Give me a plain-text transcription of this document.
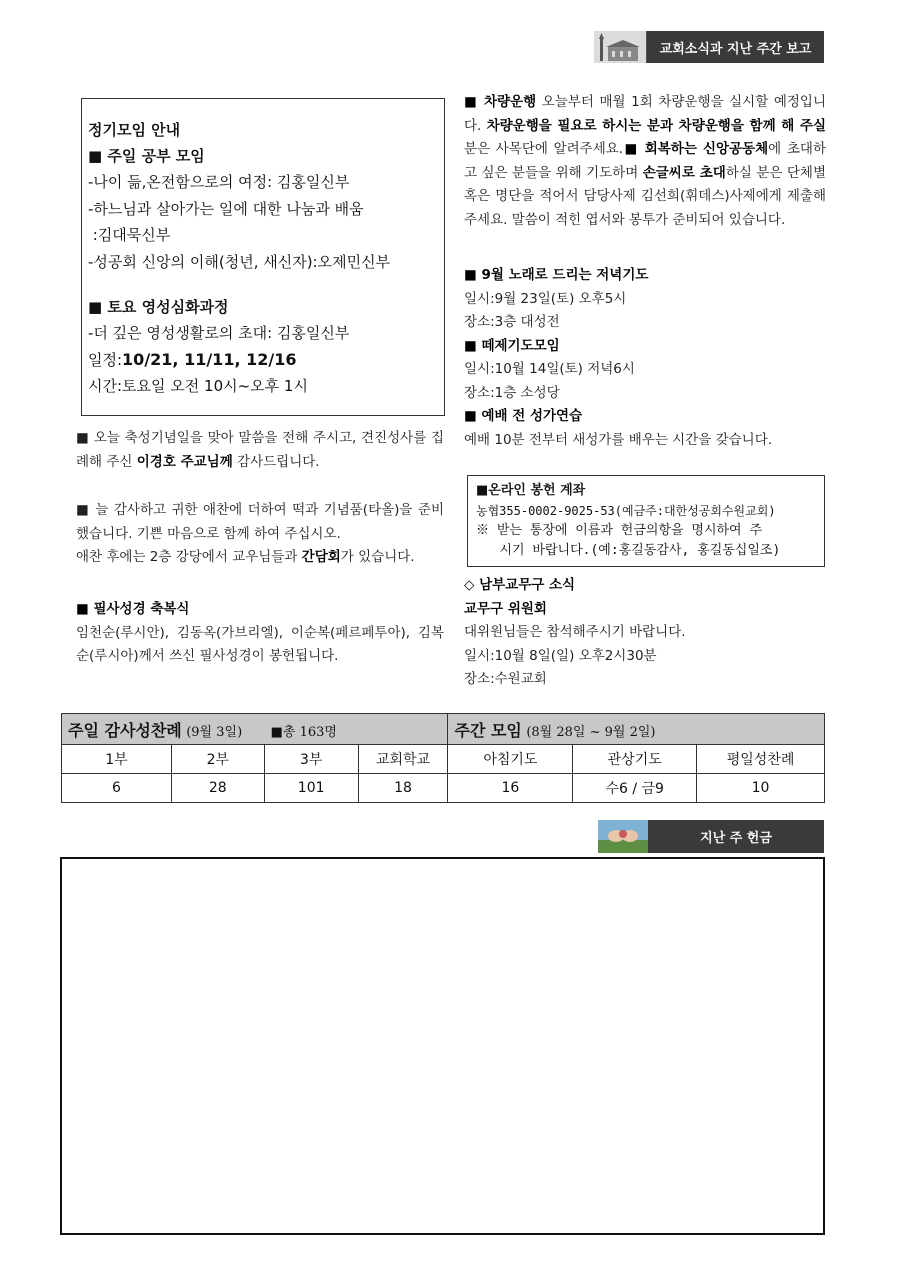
교회소식과 지난 주간 보고
정기모임 안내
■ 주일 공부 모임
-나이 듦,온전함으로의 여정: 김홍일신부
-하느님과 살아가는 일에 대한 나눔과 배움
:김대묵신부
-성공회 신앙의 이해(청년, 새신자):오제민신부
■ 토요 영성심화과정
-더 깊은 영성생활로의 초대: 김홍일신부
일정:10/21, 11/11, 12/16
시간:토요일 오전 10시~오후 1시
■ 오늘 축성기념일을 맞아 말씀을 전해 주시고, 견진성사를 집례해 주신 이경호 주교님께 감사드립니다.
■ 늘 감사하고 귀한 애찬에 더하여 떡과 기념품(타올)을 준비 했습니다. 기쁜 마음으로 함께 하여 주십시오.
애찬 후에는 2층 강당에서 교우님들과 간담회가 있습니다.
■ 필사성경 축복식
임천순(루시안), 김동옥(가브리엘), 이순복(페르페투아), 김복순(루시아)께서 쓰신 필사성경이 봉헌됩니다.
■ 차량운행 오늘부터 매월 1회 차량운행을 실시할 예정입니다. 차량운행을 필요로 하시는 분과 차량운행을 함께 해 주실 분은 사목단에 알려주세요.■ 회복하는 신앙공동체에 초대하고 싶은 분들을 위해 기도하며 손글씨로 초대하실 분은 단체별 혹은 명단을 적어서 담당사제 김선희(휘데스)사제에게 제출해 주세요. 말씀이 적힌 엽서와 봉투가 준비되어 있습니다.
■ 9월 노래로 드리는 저녁기도
일시:9월 23일(토) 오후5시
장소:3층 대성전
■ 떼제기도모임
일시:10월 14일(토) 저녁6시
장소:1층 소성당
■ 예배 전 성가연습
예배 10분 전부터 새성가를 배우는 시간을 갖습니다.
■온라인 봉헌 계좌
농협355-0002-9025-53(예금주:대한성공회수원교회)
※ 받는 통장에 이름과 헌금의항을 명시하여 주
시기 바랍니다.(예:홍길동감사, 홍길동십일조)
◇ 남부교무구 소식
교무구 위원회
대위원님들은 참석해주시기 바랍니다.
일시:10월 8일(일) 오후2시30분
장소:수원교회
주일 감사성찬례 (9월 3일) ■총 163명				주간 모임 (8월 28일 ~ 9월 2일)		
1부	2부	3부	교회학교	아침기도	관상기도	평일성찬례
6	28	101	18	16	수6 / 금9	10
지난 주 헌금
